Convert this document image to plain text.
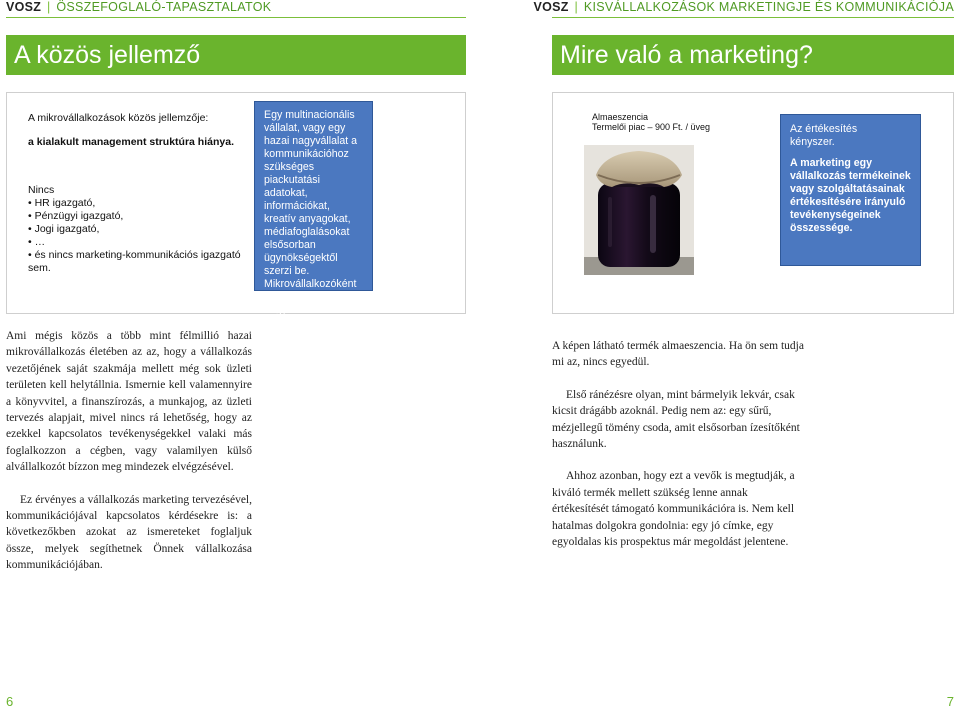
VOSZ | ÖSSZEFOGLALÓ-TAPASZTALATOK
A közös jellemző
A mikrovállalkozások közös jellemzője:
a kialakult management struktúra hiánya.
Nincs
• HR igazgató,
• Pénzügyi igazgató,
• Jogi igazgató,
• …
• és nincs marketing-kommunikációs igazgató
sem.
Egy multinacionális vállalat, vagy egy hazai nagyvállalat a kommunikációhoz szükséges piackutatási adatokat, információkat, kreatív anyagokat, médiafoglalásokat elsősorban ügynökségektől szerzi be. Mikrovállalkozóként mindezeket nagyrészt magunknak kell elvégeznünk.

Ami mégis közös a több mint félmillió hazai mikrovállalkozás életében az az, hogy a vállalkozás vezetőjének saját szakmája mellett még sok üzleti területen kell helytállnia. Ismernie kell valamennyire a könyvvitel, a finanszírozás, a munkajog, az üzleti tervezés alapjait, mivel nincs rá lehetőség, hogy az ezekkel kapcsolatos tevékenységekkel valaki más foglalkozzon a cégben, vagy valamilyen külső alvállalkozót bízzon meg mindezek elvégzésével.

Ez érvényes a vállalkozás marketing tervezésével, kommunikációjával kapcsolatos kérdésekre is: a következőkben azokat az ismereteket foglaljuk össze, melyek segíthetnek Önnek vállalkozása kommunikációjában.

6
VOSZ | KISVÁLLALKOZÁSOK MARKETINGJE ÉS KOMMUNIKÁCIÓJA
Mire való a marketing?
Almaeszencia
Termelői piac – 900 Ft. / üveg	Az értékesítés
kényszer.
A marketing egy vállalkozás termékeinek vagy szolgáltatásainak értékesítésére irányuló tevékenységeinek összessége.

A képen látható termék almaeszencia. Ha ön sem tudja mi az, nincs egyedül.

Első ránézésre olyan, mint bármelyik lekvár, csak kicsit drágább azoknál. Pedig nem az: egy sűrű, mézjellegű tömény csoda, amit elsősorban ízesítőként használunk.

Ahhoz azonban, hogy ezt a vevők is megtudják, a kiváló termék mellett szükség lenne annak értékesítését támogató kommunikációra is. Nem kell hatalmas dolgokra gondolnia: egy jó címke, egy egyoldalas kis prospektus már megoldást jelentene.

7
